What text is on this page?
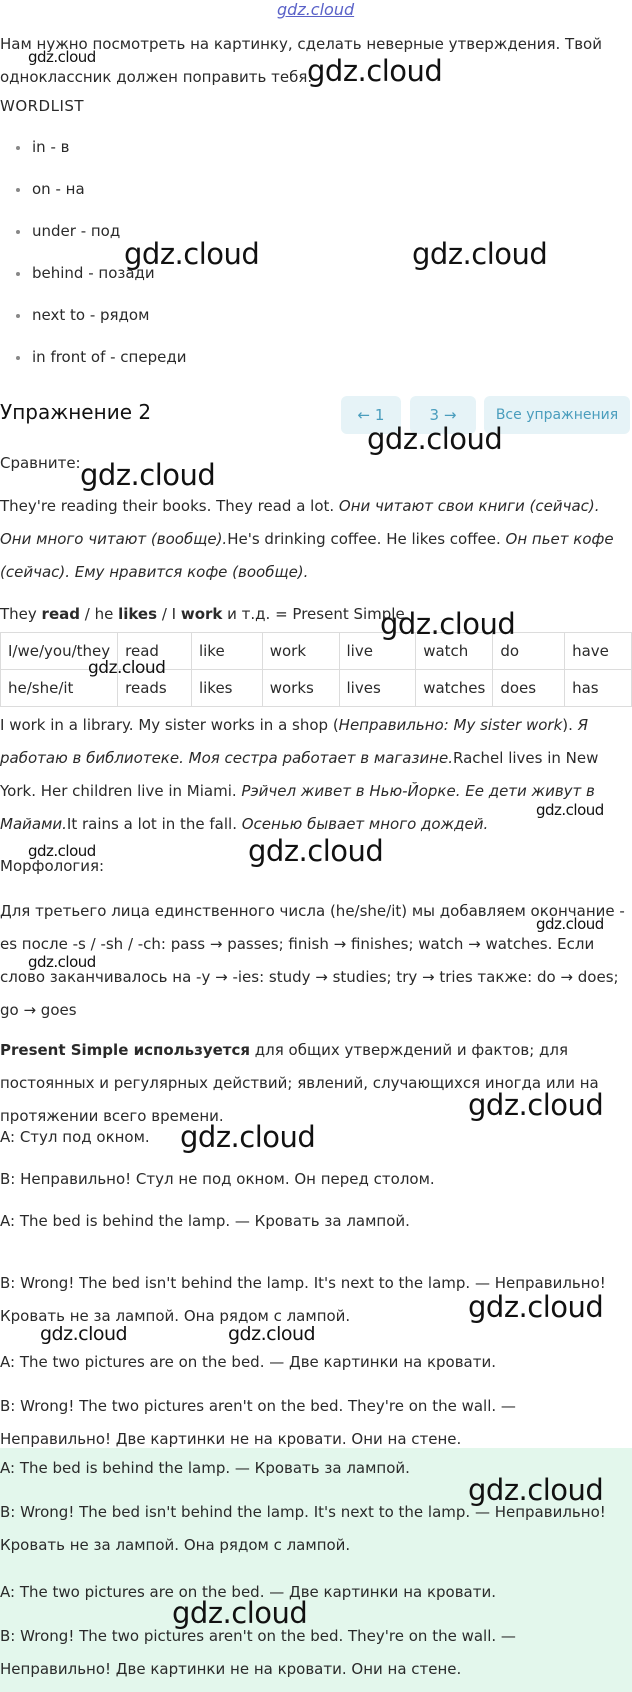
gdz.cloud

Нам нужно посмотреть на картинку, сделать неверные утверждения. Твой одноклассник должен поправить тебя.

WORDLIST
in - в
on - на
under - под
behind - позади
next to - рядом
in front of - спереди
Упражнение 2	← 1	3 →	Все упражнения
Сравните:

They're reading their books. They read a lot. Они читают свои книги (сейчас). Они много читают (вообще).He's drinking coffee. He likes coffee. Он пьет кофе (сейчас). Ему нравится кофе (вообще).

They read / he likes / I work и т.д. = Present Simple
I/we/you/they	read	like	work	live	watch	do	have
he/she/it	reads	likes	works	lives	watches	does	has

I work in a library. My sister works in a shop (Неправильно: My sister work). Я работаю в библиотеке. Моя сестра работает в магазине.Rachel lives in New York. Her children live in Miami. Рэйчел живет в Нью-Йорке. Ее дети живут в Майами.It rains a lot in the fall. Осенью бывает много дождей.

Морфология:

Для третьего лица единственного числа (he/she/it) мы добавляем окончание -es после -s / -sh / -ch: pass → passes; finish → finishes; watch → watches. Если слово заканчивалось на -y → -ies: study → studies; try → tries также: do → does; go → goes

Present Simple используется для общих утверждений и фактов; для постоянных и регулярных действий; явлений, случающихся иногда или на протяжении всего времени.

A: Стул под окном.

B: Неправильно! Стул не под окном. Он перед столом.

A: The bed is behind the lamp. — Кровать за лампой.

B: Wrong! The bed isn't behind the lamp. It's next to the lamp. — Неправильно! Кровать не за лампой. Она рядом с лампой.

A: The two pictures are on the bed. — Две картинки на кровати.

B: Wrong! The two pictures aren't on the bed. They're on the wall. — Неправильно! Две картинки не на кровати. Они на стене.

A: The bed is behind the lamp. — Кровать за лампой.

B: Wrong! The bed isn't behind the lamp. It's next to the lamp. — Неправильно! Кровать не за лампой. Она рядом с лампой.

A: The two pictures are on the bed. — Две картинки на кровати.

B: Wrong! The two pictures aren't on the bed. They're on the wall. — Неправильно! Две картинки не на кровати. Они на стене.

gdz.cloud	gdz.cloud
gdz.cloud	gdz.cloud
gdz.cloud
gdz.cloud
gdz.cloud
gdz.cloud
gdz.cloud
gdz.cloud	gdz.cloud
gdz.cloud
gdz.cloud
gdz.cloud
gdz.cloud
gdz.cloud
gdz.cloud	gdz.cloud
gdz.cloud
gdz.cloud
